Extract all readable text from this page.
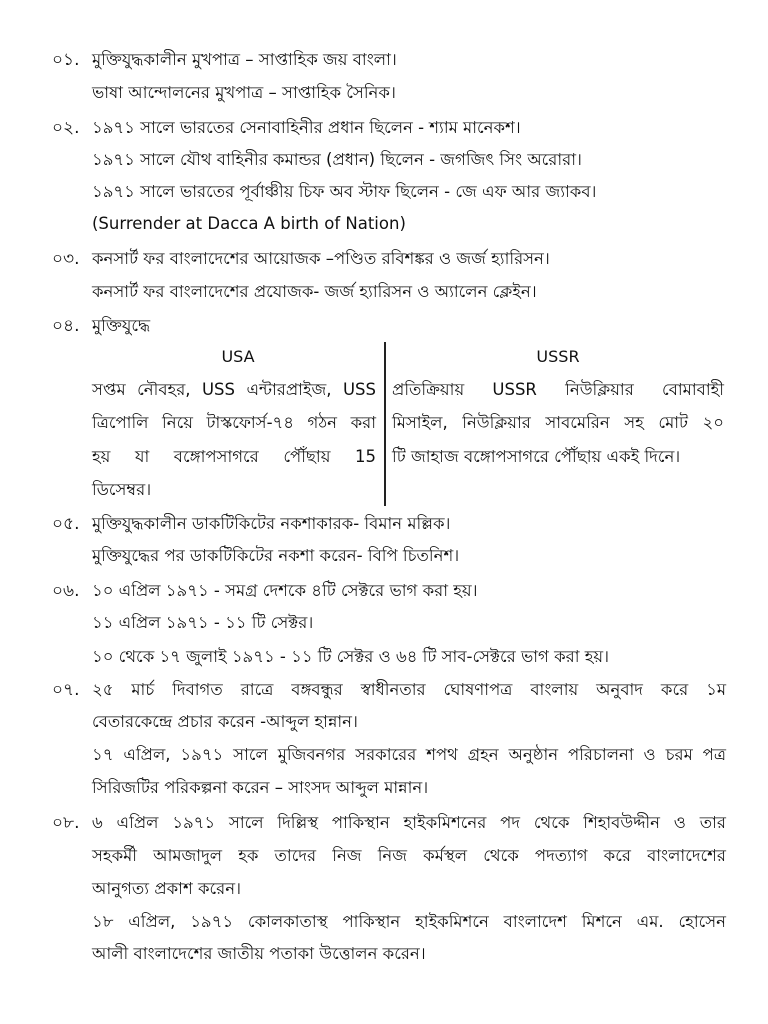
০১. মুক্তিযুদ্ধকালীন মুখপাত্র – সাপ্তাহিক জয় বাংলা।
ভাষা আন্দোলনের মুখপাত্র – সাপ্তাহিক সৈনিক।
০২. ১৯৭১ সালে ভারতের সেনাবাহিনীর প্রধান ছিলেন - শ্যাম মানেকশ।
১৯৭১ সালে যৌথ বাহিনীর কমান্ডর (প্রধান) ছিলেন - জগজিৎ সিং অরোরা।
১৯৭১ সালে ভারতের পূর্বাঞ্চীয় চিফ অব স্টাফ ছিলেন - জে এফ আর জ্যাকব।
(Surrender at Dacca A birth of Nation)
০৩. কনসার্ট ফর বাংলাদেশের আয়োজক –পণ্ডিত রবিশঙ্কর ও জর্জ হ্যারিসন।
কনসার্ট ফর বাংলাদেশের প্রযোজক- জর্জ হ্যারিসন ও অ্যালেন ক্লেইন।
০৪. মুক্তিযুদ্ধে
USA	USSR
সপ্তম নৌবহর, USS এন্টারপ্রাইজ, USS
ত্রিপোলি নিয়ে টাস্কফোর্স-৭৪ গঠন করা
হয় যা বঙ্গোপসাগরে পৌঁছায় 15
ডিসেম্বর।
প্রতিক্রিয়ায় USSR নিউক্লিয়ার বোমাবাহী
মিসাইল, নিউক্লিয়ার সাবমেরিন সহ মোট ২০
টি জাহাজ বঙ্গোপসাগরে পৌঁছায় একই দিনে।
০৫. মুক্তিযুদ্ধকালীন ডাকটিকিটের নকশাকারক- বিমান মল্লিক।
মুক্তিযুদ্ধের পর ডাকটিকিটের নকশা করেন- বিপি চিতনিশ।
০৬. ১০ এপ্রিল ১৯৭১ - সমগ্র দেশকে ৪টি সেক্টরে ভাগ করা হয়।
১১ এপ্রিল ১৯৭১ - ১১ টি সেক্টর।
১০ থেকে ১৭ জুলাই ১৯৭১ - ১১ টি সেক্টর ও ৬৪ টি সাব-সেক্টরে ভাগ করা হয়।
০৭. ২৫ মার্চ দিবাগত রাত্রে বঙ্গবন্ধুর স্বাধীনতার ঘোষণাপত্র বাংলায় অনুবাদ করে ১ম
বেতারকেন্দ্রে প্রচার করেন -আব্দুল হান্নান।
১৭ এপ্রিল, ১৯৭১ সালে মুজিবনগর সরকারের শপথ গ্রহন অনুষ্ঠান পরিচালনা ও চরম পত্র
সিরিজটির পরিকল্পনা করেন – সাংসদ আব্দুল মান্নান।
০৮. ৬ এপ্রিল ১৯৭১ সালে দিল্লিস্থ পাকিস্থান হাইকমিশনের পদ থেকে শিহাবউদ্দীন ও তার
সহকর্মী আমজাদুল হক তাদের নিজ নিজ কর্মস্থল থেকে পদত্যাগ করে বাংলাদেশের
আনুগত্য প্রকাশ করেন।
১৮ এপ্রিল, ১৯৭১ কোলকাতাস্থ পাকিস্থান হাইকমিশনে বাংলাদেশ মিশনে এম. হোসেন
আলী বাংলাদেশের জাতীয় পতাকা উত্তোলন করেন।
